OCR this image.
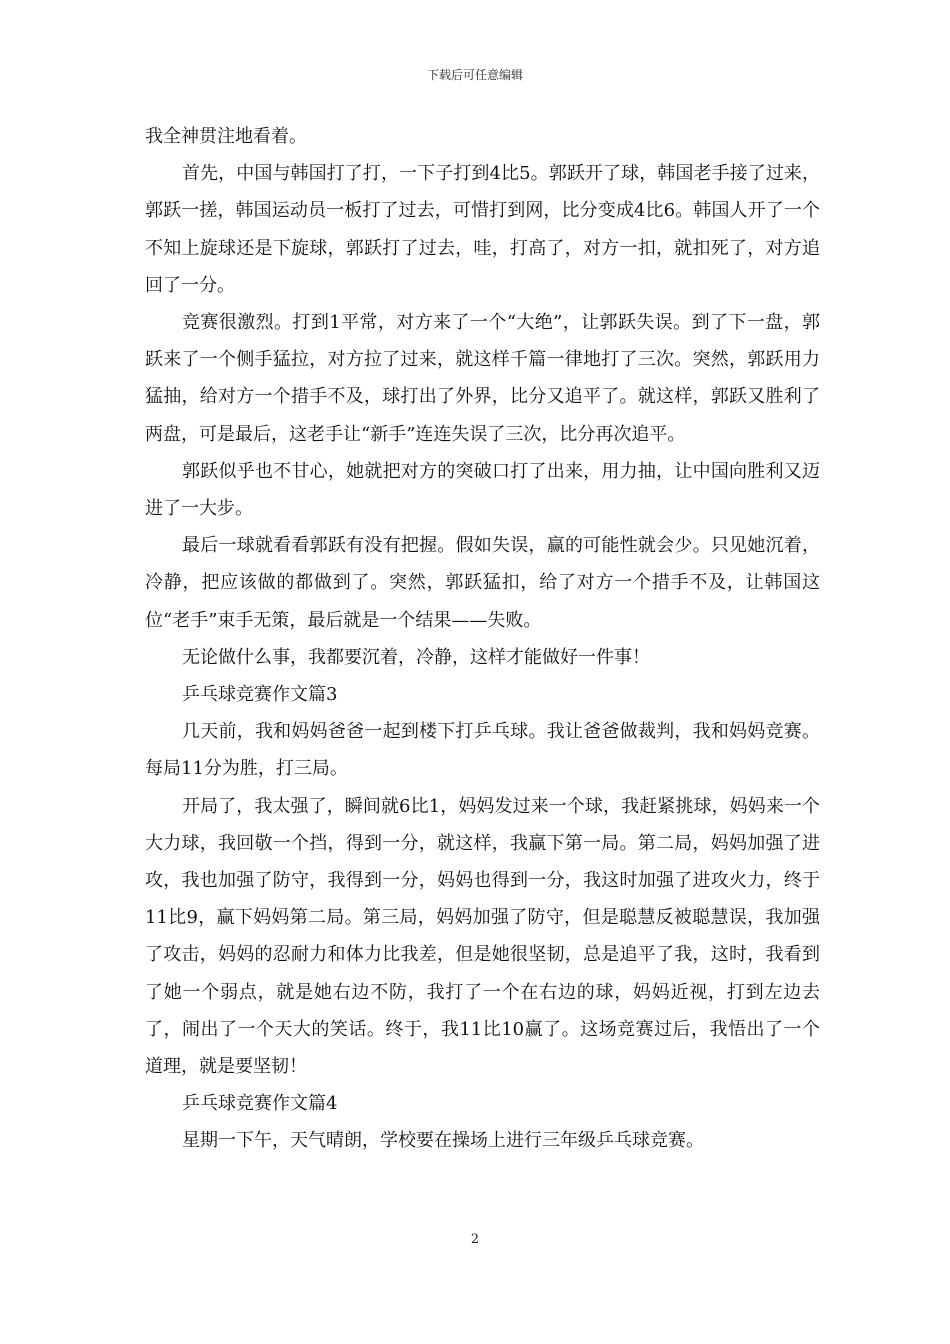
下载后可任意编辑

我全神贯注地看着。

首先，中国与韩国打了打，一下子打到4比5。郭跃开了球，韩国老手接了过来，郭跃一搓，韩国运动员一板打了过去，可惜打到网，比分变成4比6。韩国人开了一个不知上旋球还是下旋球，郭跃打了过去，哇，打高了，对方一扣，就扣死了，对方追回了一分。

竞赛很激烈。打到1平常，对方来了一个“大绝”，让郭跃失误。到了下一盘，郭跃来了一个侧手猛拉，对方拉了过来，就这样千篇一律地打了三次。突然，郭跃用力猛抽，给对方一个措手不及，球打出了外界，比分又追平了。就这样，郭跃又胜利了两盘，可是最后，这老手让“新手”连连失误了三次，比分再次追平。

郭跃似乎也不甘心，她就把对方的突破口打了出来，用力抽，让中国向胜利又迈进了一大步。

最后一球就看看郭跃有没有把握。假如失误，赢的可能性就会少。只见她沉着，冷静，把应该做的都做到了。突然，郭跃猛扣，给了对方一个措手不及，让韩国这位“老手”束手无策，最后就是一个结果——失败。

无论做什么事，我都要沉着，冷静，这样才能做好一件事！

乒乓球竞赛作文篇3

几天前，我和妈妈爸爸一起到楼下打乒乓球。我让爸爸做裁判，我和妈妈竞赛。每局11分为胜，打三局。

开局了，我太强了，瞬间就6比1，妈妈发过来一个球，我赶紧挑球，妈妈来一个大力球，我回敬一个挡，得到一分，就这样，我赢下第一局。第二局，妈妈加强了进攻，我也加强了防守，我得到一分，妈妈也得到一分，我这时加强了进攻火力，终于11比9，赢下妈妈第二局。第三局，妈妈加强了防守，但是聪慧反被聪慧误，我加强了攻击，妈妈的忍耐力和体力比我差，但是她很坚韧，总是追平了我，这时，我看到了她一个弱点，就是她右边不防，我打了一个在右边的球，妈妈近视，打到左边去了，闹出了一个天大的笑话。终于，我11比10赢了。这场竞赛过后，我悟出了一个道理，就是要坚韧！

乒乓球竞赛作文篇4

星期一下午，天气晴朗，学校要在操场上进行三年级乒乓球竞赛。

2
